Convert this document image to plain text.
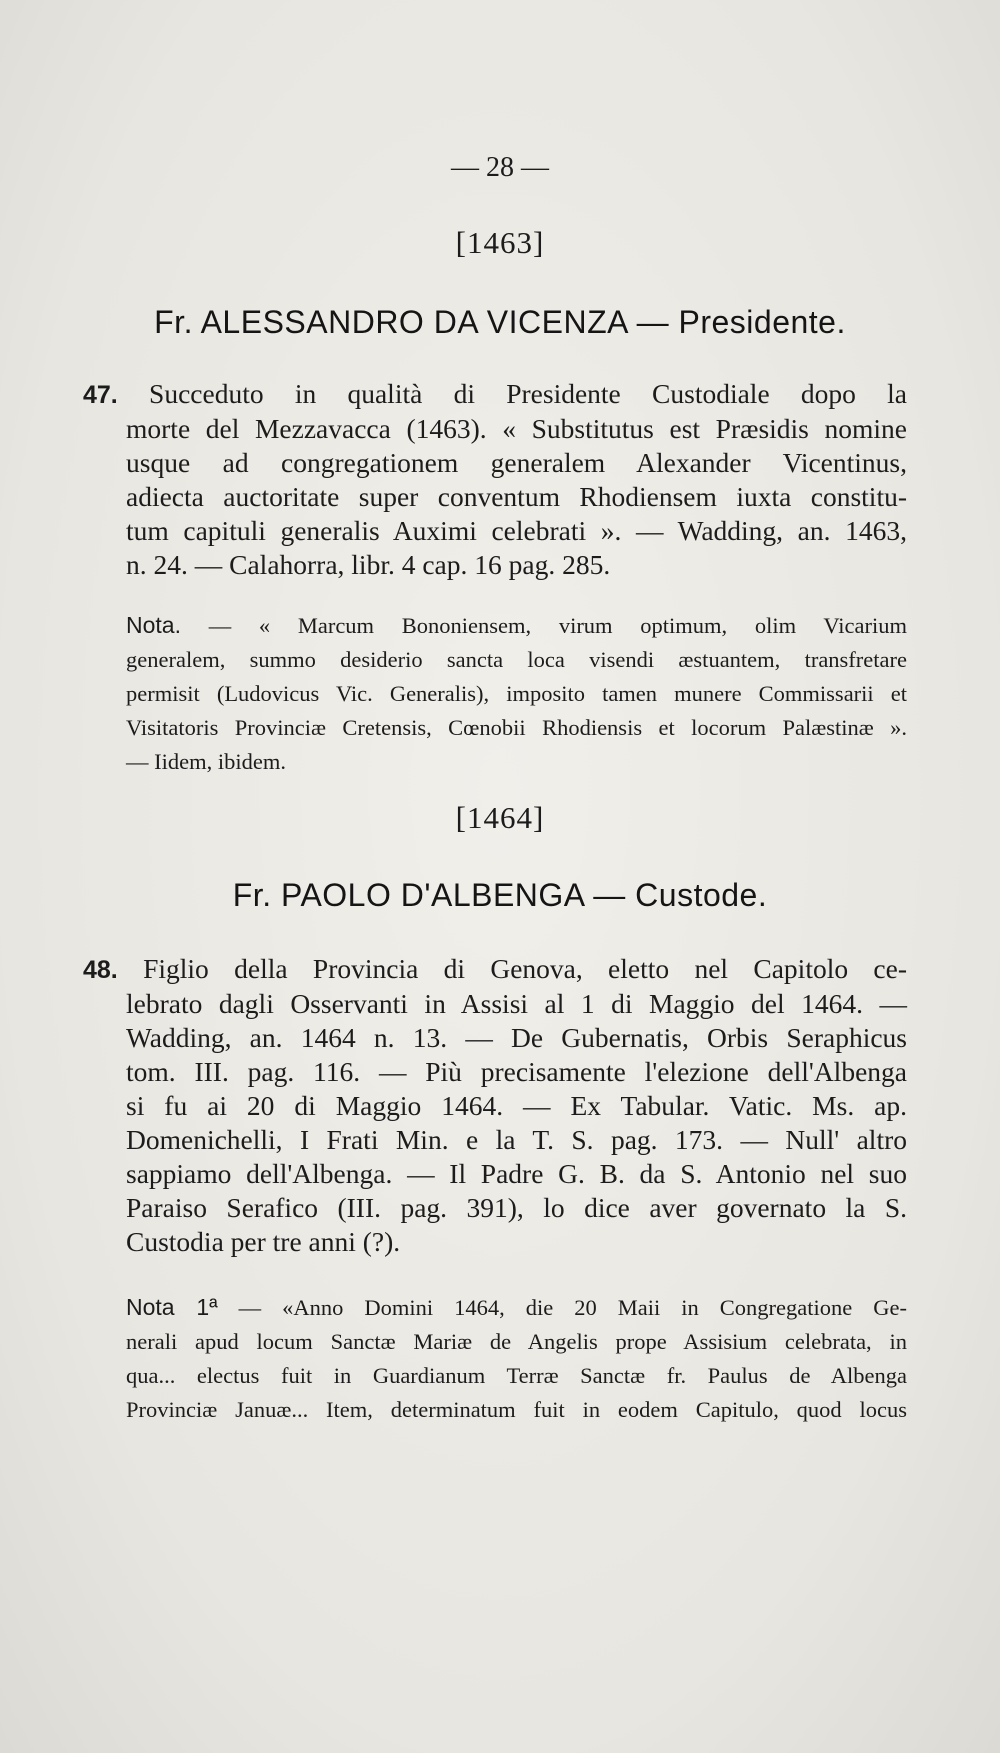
— 28 —
[1463]
Fr. ALESSANDRO DA VICENZA — Presidente.
47. Succeduto in qualità di Presidente Custodiale dopo la
morte del Mezzavacca (1463). « Substitutus est Præsidis nomine
usque ad congregationem generalem Alexander Vicentinus,
adiecta auctoritate super conventum Rhodiensem iuxta constitu-
tum capituli generalis Auximi celebrati ». — Wadding, an. 1463,
n. 24. — Calahorra, libr. 4 cap. 16 pag. 285.
Nota. — « Marcum Bononiensem, virum optimum, olim Vicarium
generalem, summo desiderio sancta loca visendi æstuantem, transfretare
permisit (Ludovicus Vic. Generalis), imposito tamen munere Commissarii et
Visitatoris Provinciæ Cretensis, Cœnobii Rhodiensis et locorum Palæstinæ ».
— Iidem, ibidem.
[1464]
Fr. PAOLO D'ALBENGA — Custode.
48. Figlio della Provincia di Genova, eletto nel Capitolo ce-
lebrato dagli Osservanti in Assisi al 1 di Maggio del 1464. —
Wadding, an. 1464 n. 13. — De Gubernatis, Orbis Seraphicus
tom. III. pag. 116. — Più precisamente l'elezione dell'Albenga
si fu ai 20 di Maggio 1464. — Ex Tabular. Vatic. Ms. ap.
Domenichelli, I Frati Min. e la T. S. pag. 173. — Null' altro
sappiamo dell'Albenga. — Il Padre G. B. da S. Antonio nel suo
Paraiso Serafico (III. pag. 391), lo dice aver governato la S.
Custodia per tre anni (?).
Nota 1ª — «Anno Domini 1464, die 20 Maii in Congregatione Ge-
nerali apud locum Sanctæ Mariæ de Angelis prope Assisium celebrata, in
qua... electus fuit in Guardianum Terræ Sanctæ fr. Paulus de Albenga
Provinciæ Januæ... Item, determinatum fuit in eodem Capitulo, quod locus
